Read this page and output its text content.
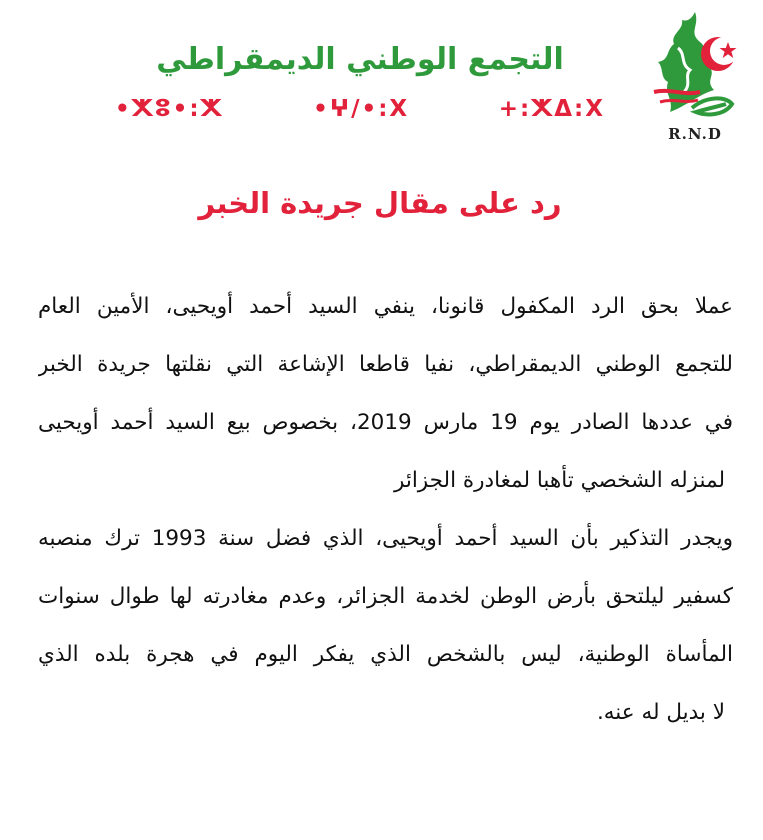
التجمع الوطني الديمقراطي
•ⵅⵓ•:ⵅ	•ⵖ/•:ⵝ	+:ⵅⵠ:ⵝ
R.N.D
رد على مقال جريدة الخبر
عملا بحق الرد المكفول قانونا، ينفي السيد أحمد أويحيى، الأمين العام
للتجمع الوطني الديمقراطي، نفيا قاطعا الإشاعة التي نقلتها جريدة الخبر
في عددها الصادر يوم 19 مارس 2019، بخصوص بيع السيد أحمد أويحيى
لمنزله الشخصي تأهبا لمغادرة الجزائر
ويجدر التذكير بأن السيد أحمد أويحيى، الذي فضل سنة 1993 ترك منصبه
كسفير ليلتحق بأرض الوطن لخدمة الجزائر، وعدم مغادرته لها طوال سنوات
المأساة الوطنية، ليس بالشخص الذي يفكر اليوم في هجرة بلده الذي
لا بديل له عنه.
